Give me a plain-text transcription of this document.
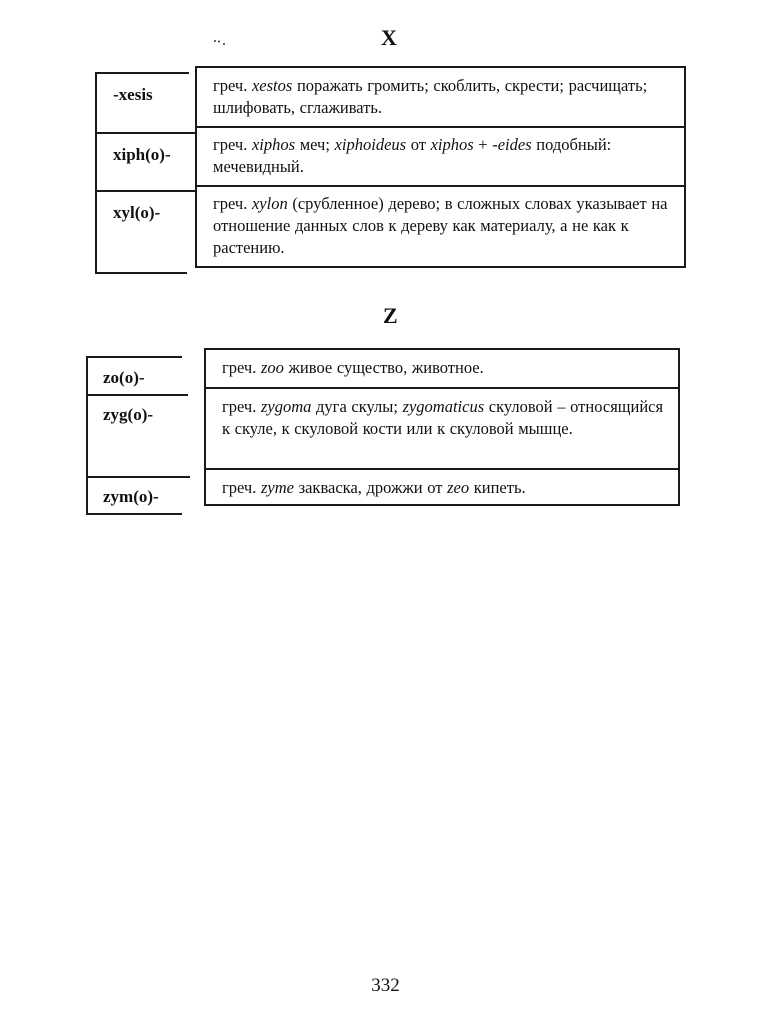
X
-xesis
xiph(o)-
xyl(o)-
греч. xestos поражать громить; скоблить, скрести; расчищать; шлифовать, сглаживать.
греч. xiphos меч; xiphoideus от xiphos + -eides подобный: мечевидный.
греч. xylon (срубленное) дерево; в сложных словах указывает на отношение данных слов к дереву как материалу, а не как к растению.
Z
zo(o)-
zyg(o)-
zym(o)-
греч. zoo живое существо, животное.
греч. zygoma дуга скулы; zygomaticus скуловой – относящийся к скуле, к скуловой кости или к скуловой мышце.
греч. zyme закваска, дрожжи от zeo кипеть.
332
